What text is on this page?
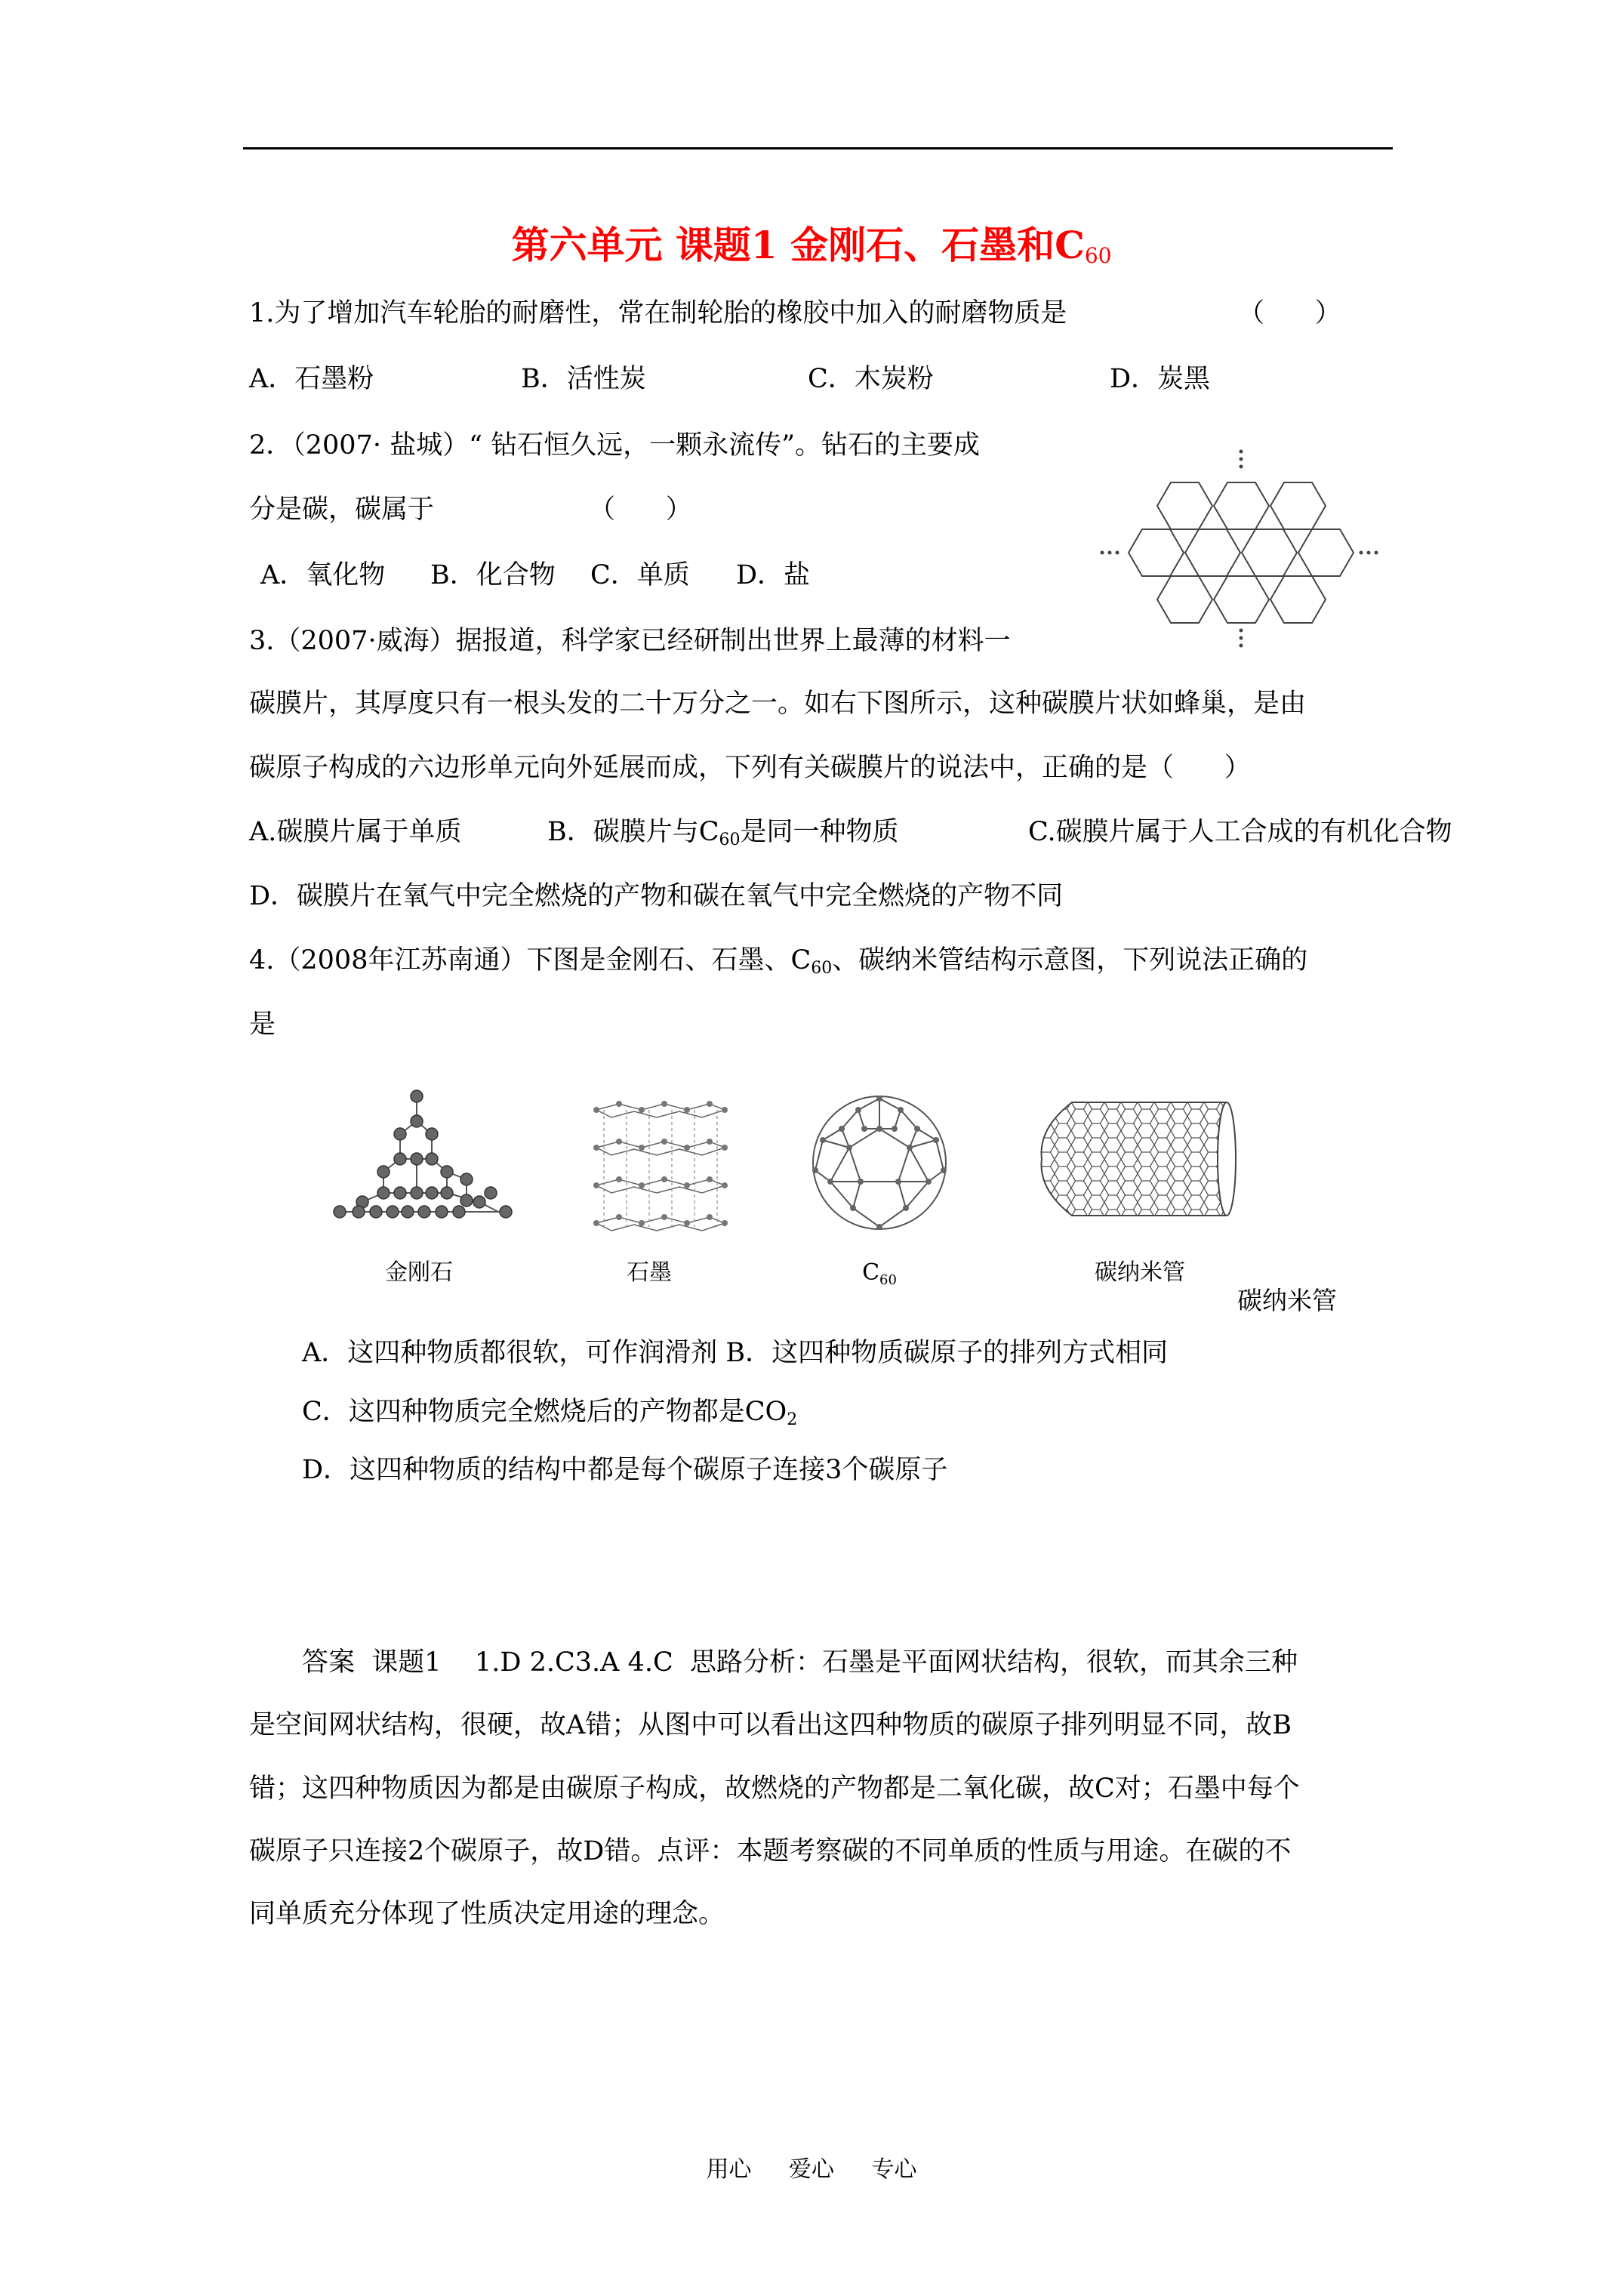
第六单元 课题1 金刚石、石墨和$C_{60}$
1.为了增加汽车轮胎的耐磨性，常在制轮胎的橡胶中加入的耐磨物质是	（      ）
A．石墨粉	B．活性炭	C．木炭粉	D．炭黑
2．（2007· 盐城）“ 钻石恒久远，一颗永流传”。钻石的主要成
分是碳，碳属于	（      ）
A．氧化物 B．化合物 C．单质 D．盐
3.（2007·威海）据报道，科学家已经研制出世界上最薄的材料一
碳膜片，其厚度只有一根头发的二十万分之一。如右下图所示，这种碳膜片状如蜂巢，是由
碳原子构成的六边形单元向外延展而成，下列有关碳膜片的说法中，正确的是（      ）
A.碳膜片属于单质	B．碳膜片与$C_{60}$是同一种物质	C.碳膜片属于人工合成的有机化合物
D．碳膜片在氧气中完全燃烧的产物和碳在氧气中完全燃烧的产物不同
4.（2008年江苏南通）下图是金刚石、石墨、$C_{60}$、碳纳米管结构示意图，下列说法正确的
是
金刚石	石墨	$C_{60}$	碳纳米管
碳纳米管
A．这四种物质都很软，可作润滑剂 B．这四种物质碳原子的排列方式相同
C．这四种物质完全燃烧后的产物都是$CO_2$
D．这四种物质的结构中都是每个碳原子连接3个碳原子
答案  课题1    1.D 2.C3.A 4.C  思路分析：石墨是平面网状结构，很软，而其余三种
是空间网状结构，很硬，故A错；从图中可以看出这四种物质的碳原子排列明显不同，故B
错；这四种物质因为都是由碳原子构成，故燃烧的产物都是二氧化碳，故C对；石墨中每个
碳原子只连接2个碳原子，故D错。点评：本题考察碳的不同单质的性质与用途。在碳的不
同单质充分体现了性质决定用途的理念。
用心 爱心 专心
